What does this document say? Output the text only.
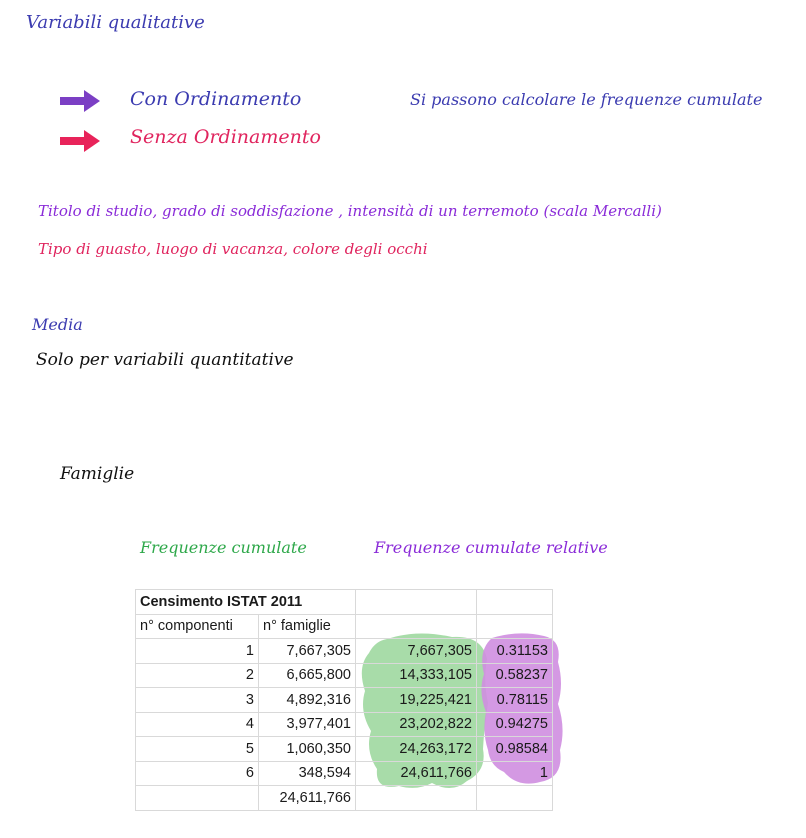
Variabili qualitative
Con Ordinamento
Senza Ordinamento
Si passono calcolare le frequenze cumulate
Titolo di studio, grado di soddisfazione , intensità di un terremoto (scala Mercalli)
Tipo di guasto, luogo di vacanza, colore degli occhi
Media
Solo per variabili quantitative
Famiglie
Frequenze cumulate	Frequenze cumulate relative
Censimento ISTAT 2011			
n° componenti	n° famiglie		
1	7,667,305	7,667,305	0.31153
2	6,665,800	14,333,105	0.58237
3	4,892,316	19,225,421	0.78115
4	3,977,401	23,202,822	0.94275
5	1,060,350	24,263,172	0.98584
6	348,594	24,611,766	1
	24,611,766		
